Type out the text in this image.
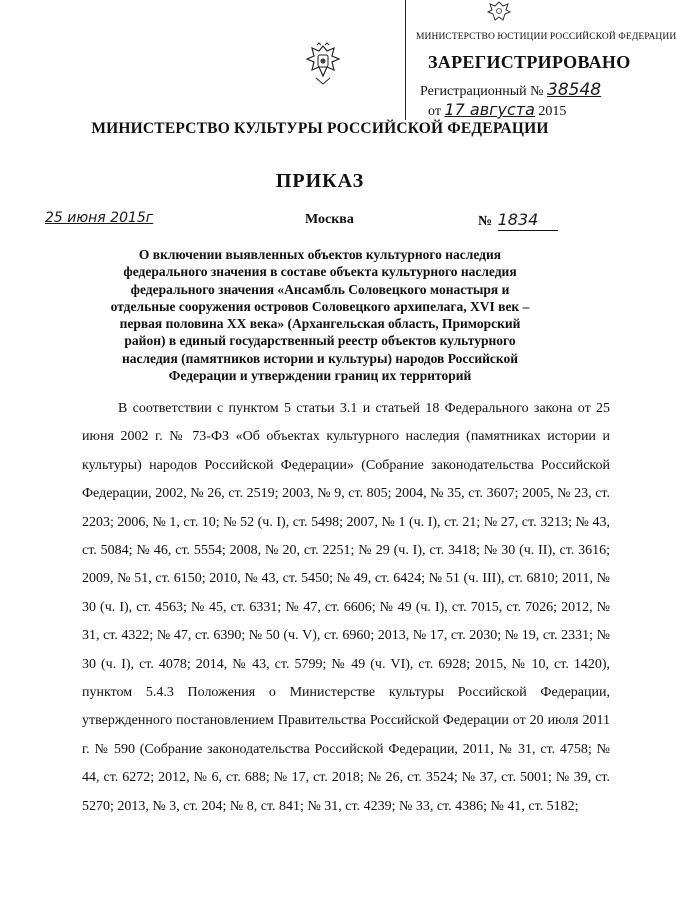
МИНИСТЕРСТВО ЮСТИЦИИ РОССИЙСКОЙ ФЕДЕРАЦИИ
ЗАРЕГИСТРИРОВАНО
Регистрационный № 38548
от 17 августа 2015
МИНИСТЕРСТВО КУЛЬТУРЫ РОССИЙСКОЙ ФЕДЕРАЦИИ
ПРИКАЗ
25 июня 2015г	Москва	№ 1834
О включении выявленных объектов культурного наследия федерального значения в составе объекта культурного наследия федерального значения «Ансамбль Соловецкого монастыря и отдельные сооружения островов Соловецкого архипелага, XVI век – первая половина XX века» (Архангельская область, Приморский район) в единый государственный реестр объектов культурного наследия (памятников истории и культуры) народов Российской Федерации и утверждении границ их территорий

В соответствии с пунктом 5 статьи 3.1 и статьей 18 Федерального закона от 25 июня 2002 г. № 73-ФЗ «Об объектах культурного наследия (памятниках истории и культуры) народов Российской Федерации» (Собрание законодательства Российской Федерации, 2002, № 26, ст. 2519; 2003, № 9, ст. 805; 2004, № 35, ст. 3607; 2005, № 23, ст. 2203; 2006, № 1, ст. 10; № 52 (ч. I), ст. 5498; 2007, № 1 (ч. I), ст. 21; № 27, ст. 3213; № 43, ст. 5084; № 46, ст. 5554; 2008, № 20, ст. 2251; № 29 (ч. I), ст. 3418; № 30 (ч. II), ст. 3616; 2009, № 51, ст. 6150; 2010, № 43, ст. 5450; № 49, ст. 6424; № 51 (ч. III), ст. 6810; 2011, № 30 (ч. I), ст. 4563; № 45, ст. 6331; № 47, ст. 6606; № 49 (ч. I), ст. 7015, ст. 7026; 2012, № 31, ст. 4322; № 47, ст. 6390; № 50 (ч. V), ст. 6960; 2013, № 17, ст. 2030; № 19, ст. 2331; № 30 (ч. I), ст. 4078; 2014, № 43, ст. 5799; № 49 (ч. VI), ст. 6928; 2015, № 10, ст. 1420), пунктом 5.4.3 Положения о Министерстве культуры Российской Федерации, утвержденного постановлением Правительства Российской Федерации от 20 июля 2011 г. № 590 (Собрание законодательства Российской Федерации, 2011, № 31, ст. 4758; № 44, ст. 6272; 2012, № 6, ст. 688; № 17, ст. 2018; № 26, ст. 3524; № 37, ст. 5001; № 39, ст. 5270; 2013, № 3, ст. 204; № 8, ст. 841; № 31, ст. 4239; № 33, ст. 4386; № 41, ст. 5182;
